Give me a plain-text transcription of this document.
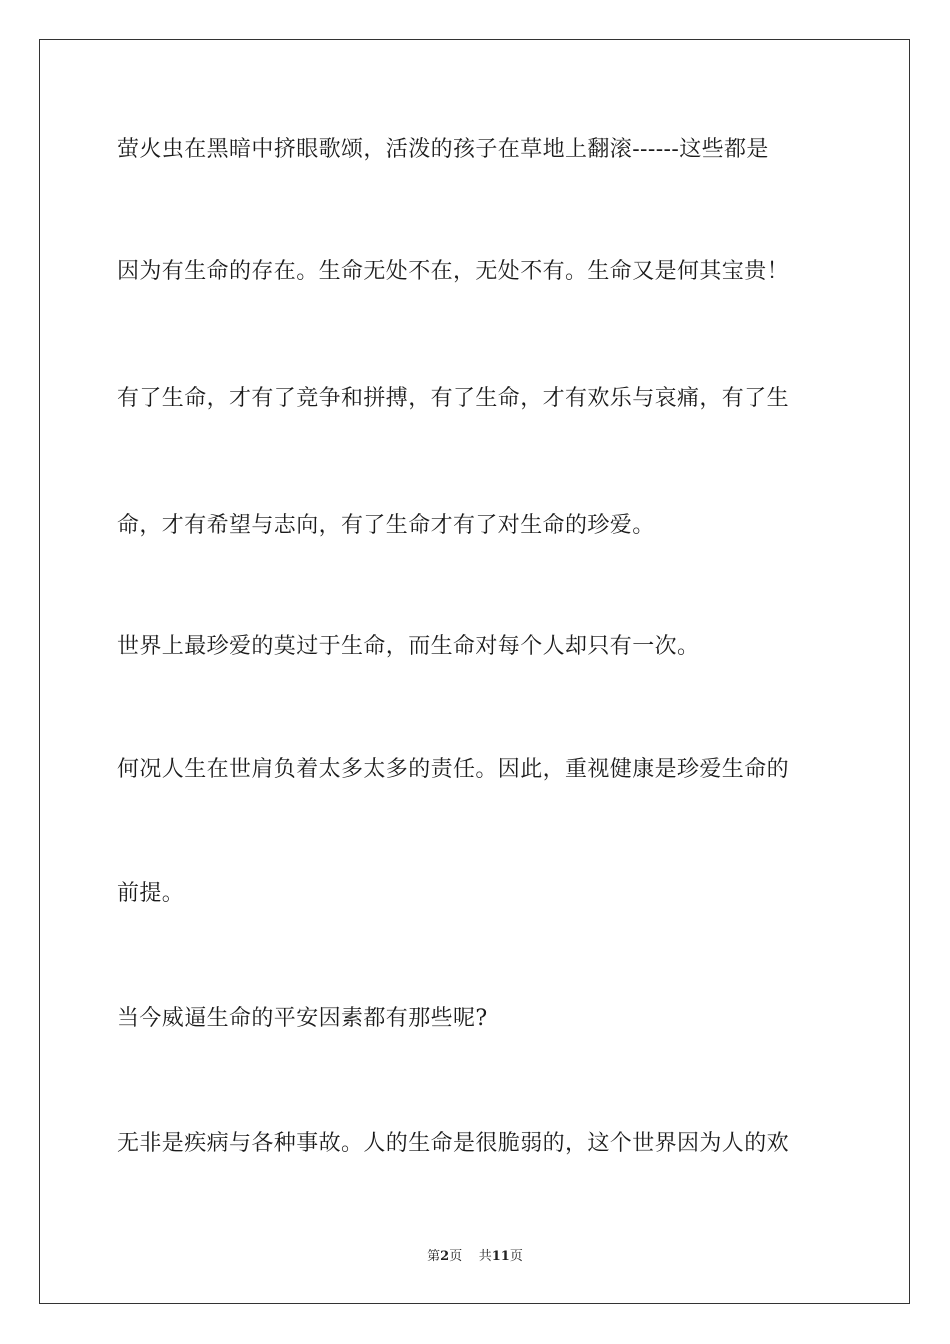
萤火虫在黑暗中挤眼歌颂，活泼的孩子在草地上翻滚------这些都是
因为有生命的存在。生命无处不在，无处不有。生命又是何其宝贵！
有了生命，才有了竞争和拼搏，有了生命，才有欢乐与哀痛，有了生
命，才有希望与志向，有了生命才有了对生命的珍爱。
世界上最珍爱的莫过于生命，而生命对每个人却只有一次。
何况人生在世肩负着太多太多的责任。因此，重视健康是珍爱生命的
前提。
当今威逼生命的平安因素都有那些呢?
无非是疾病与各种事故。人的生命是很脆弱的，这个世界因为人的欢
第2页 共11页
